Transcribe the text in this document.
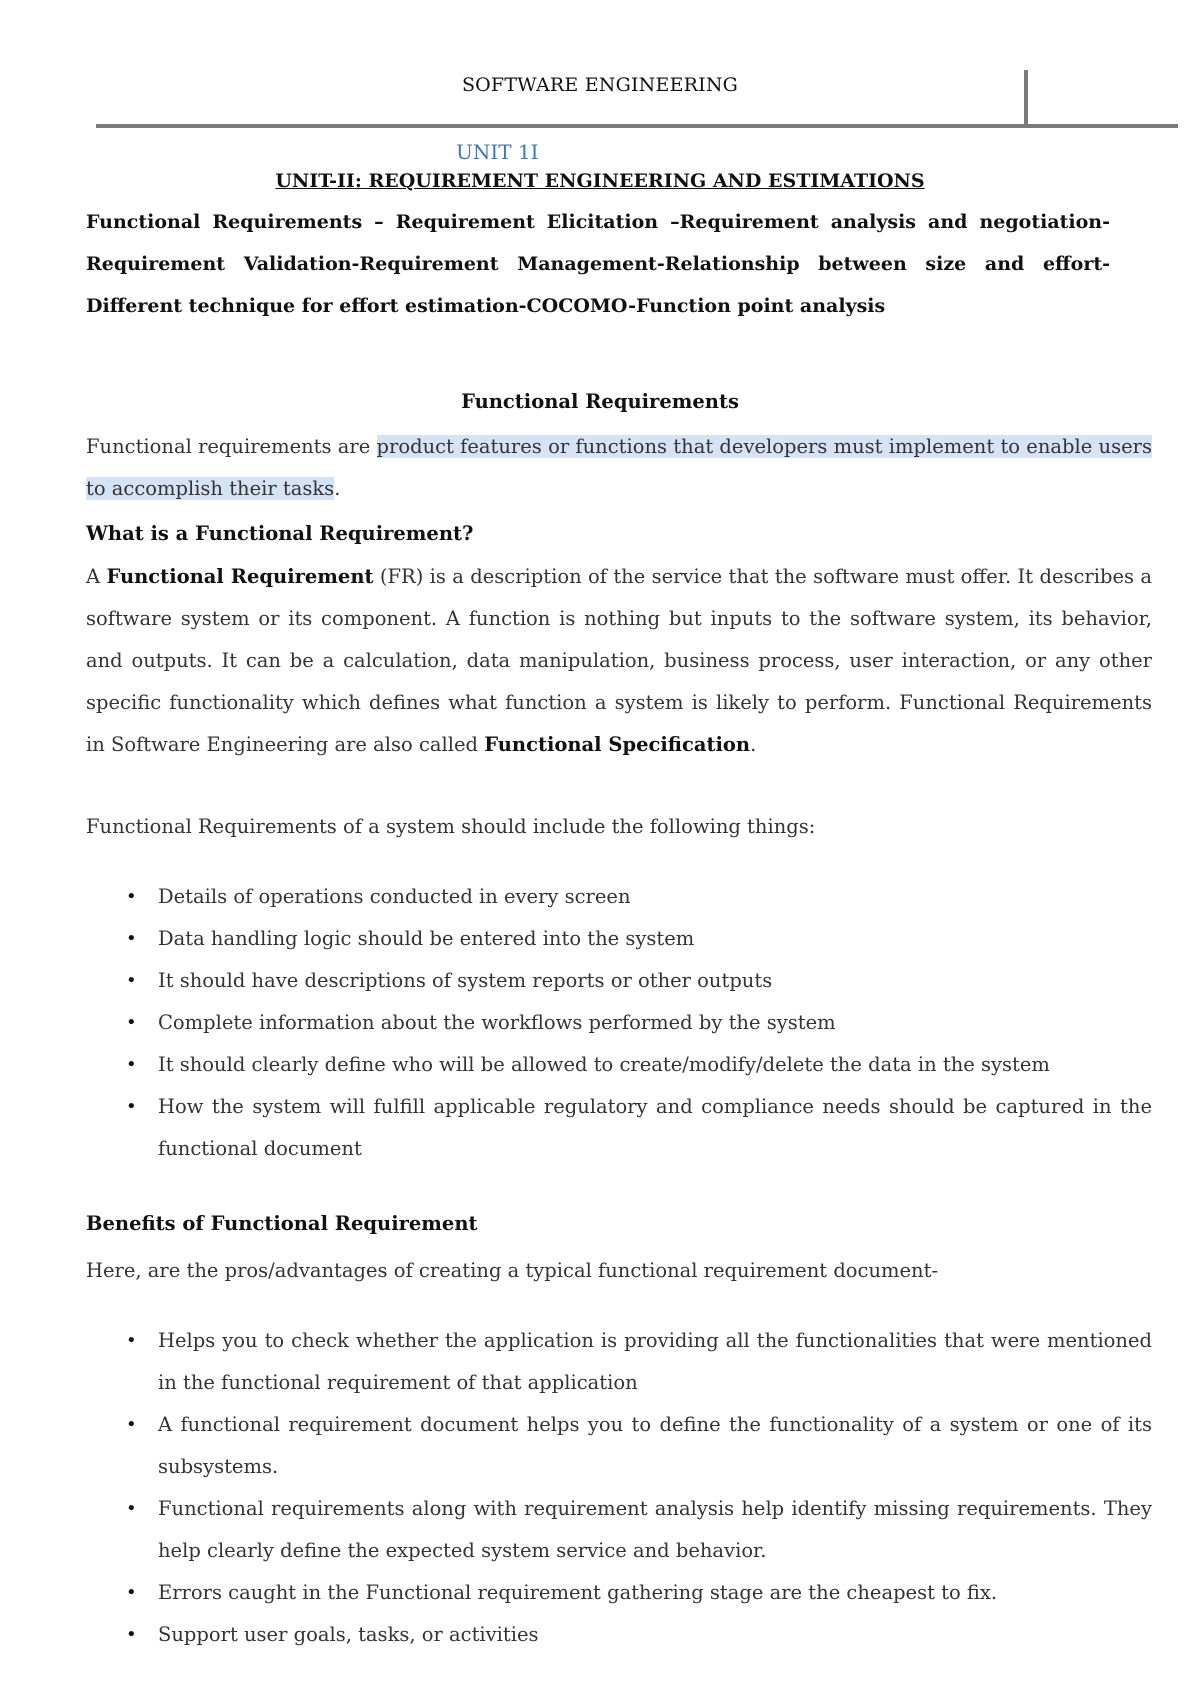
SOFTWARE ENGINEERING
UNIT 1I
UNIT-II: REQUIREMENT ENGINEERING AND ESTIMATIONS
Functional Requirements – Requirement Elicitation –Requirement analysis and negotiation- Requirement Validation-Requirement Management-Relationship between size and effort- Different technique for effort estimation-COCOMO-Function point analysis
Functional Requirements

Functional requirements are product features or functions that developers must implement to enable users to accomplish their tasks.

What is a Functional Requirement?

A Functional Requirement (FR) is a description of the service that the software must offer. It describes a software system or its component. A function is nothing but inputs to the software system, its behavior, and outputs. It can be a calculation, data manipulation, business process, user interaction, or any other specific functionality which defines what function a system is likely to perform. Functional Requirements in Software Engineering are also called Functional Specification.

Functional Requirements of a system should include the following things:

• Details of operations conducted in every screen
• Data handling logic should be entered into the system
• It should have descriptions of system reports or other outputs
• Complete information about the workflows performed by the system
• It should clearly define who will be allowed to create/modify/delete the data in the system
• How the system will fulfill applicable regulatory and compliance needs should be captured in the functional document
Benefits of Functional Requirement

Here, are the pros/advantages of creating a typical functional requirement document-

• Helps you to check whether the application is providing all the functionalities that were mentioned in the functional requirement of that application
• A functional requirement document helps you to define the functionality of a system or one of its subsystems.
• Functional requirements along with requirement analysis help identify missing requirements. They help clearly define the expected system service and behavior.
• Errors caught in the Functional requirement gathering stage are the cheapest to fix.
• Support user goals, tasks, or activities
